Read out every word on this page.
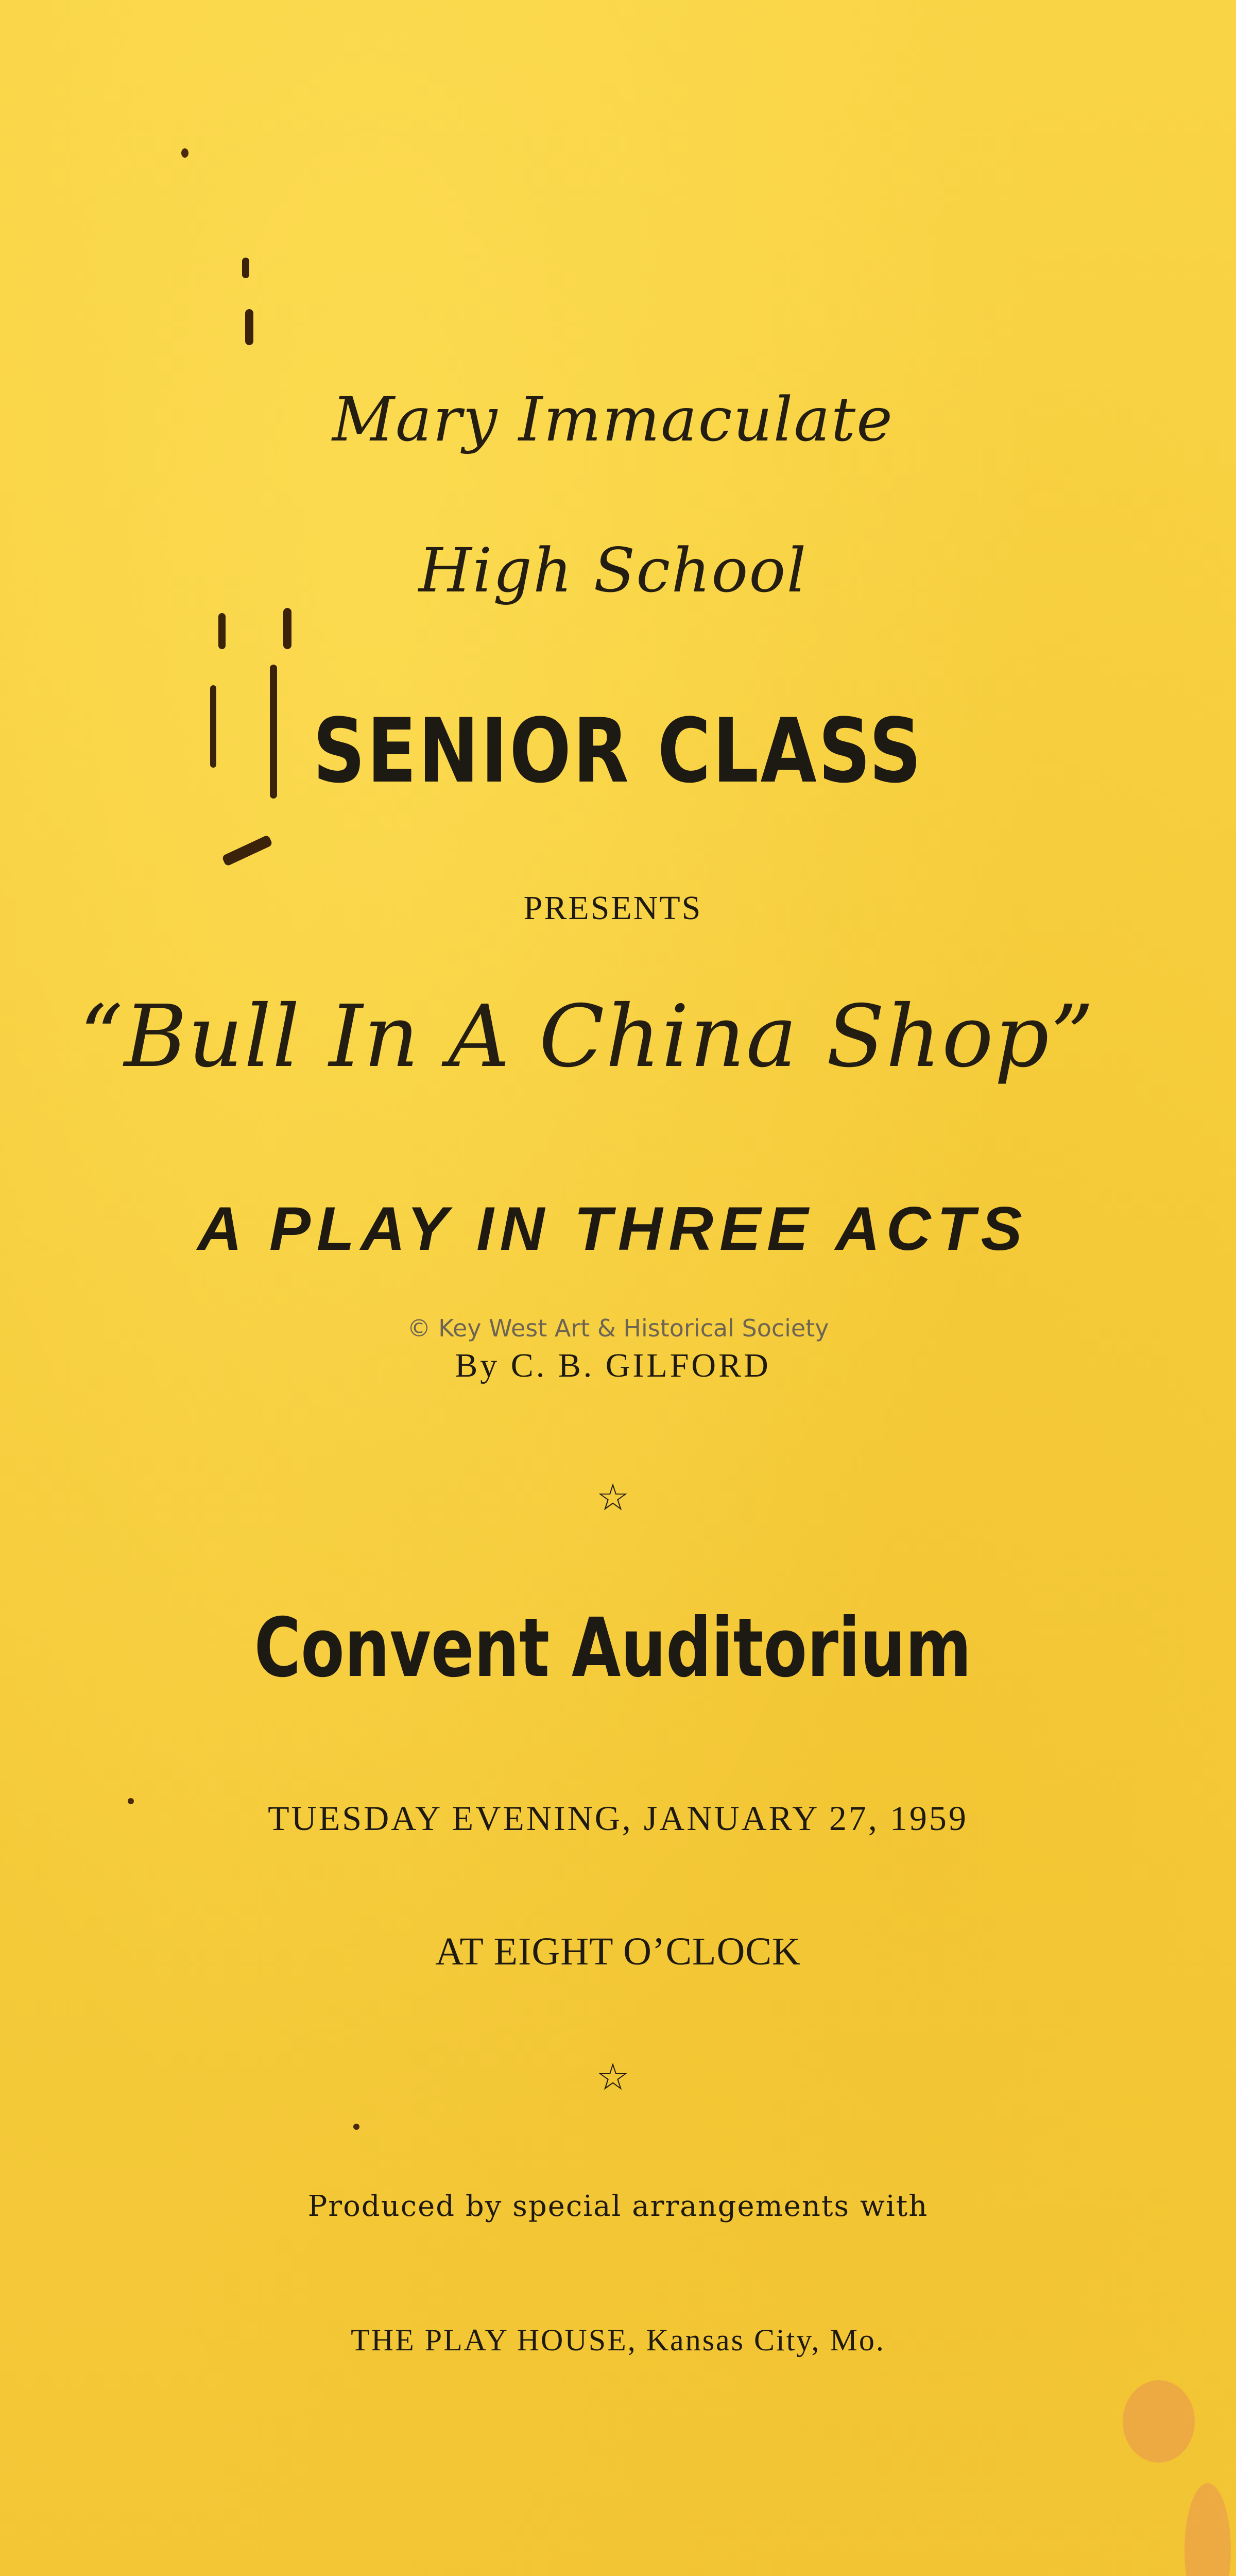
Mary Immaculate
High School
SENIOR CLASS
PRESENTS
“Bull In A China Shop”
A PLAY IN THREE ACTS
© Key West Art & Historical Society
By C. B. GILFORD
☆
Convent Auditorium
TUESDAY EVENING, JANUARY 27, 1959
AT EIGHT O’CLOCK
☆
Produced by special arrangements with
THE PLAY HOUSE, Kansas City, Mo.
